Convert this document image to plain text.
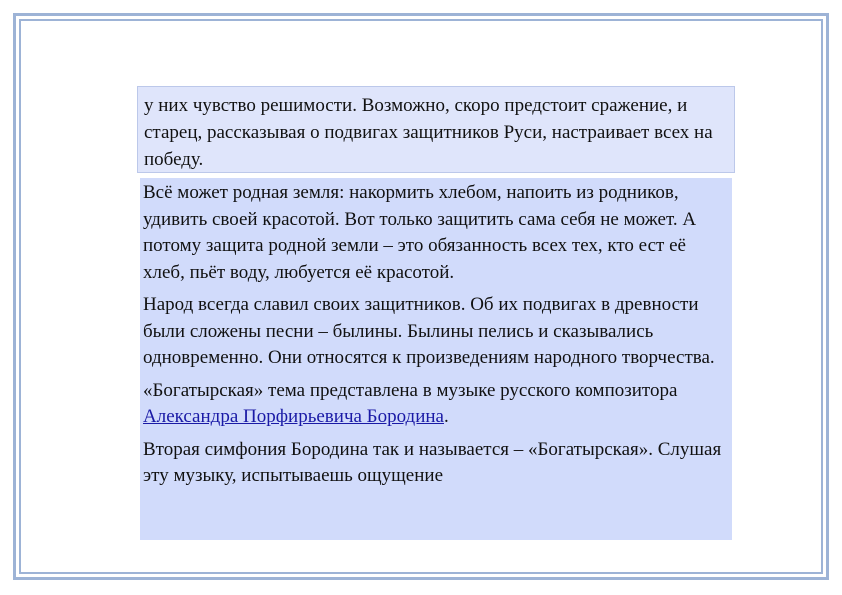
у них чувство решимости. Возможно, скоро предстоит сражение, и старец, рассказывая о подвигах защитников Руси, настраивает всех на победу.

Всё может родная земля: накормить хлебом, напоить из родников, удивить своей красотой. Вот только защитить сама себя не может. А потому защита родной земли – это обязанность всех тех, кто ест её хлеб, пьёт воду, любуется её красотой.

Народ всегда славил своих защитников. Об их подвигах в древности были сложены песни – былины. Былины пелись и сказывались одновременно. Они относятся к произведениям народного творчества.

«Богатырская» тема представлена в музыке русского композитора Александра Порфирьевича Бородина.

Вторая симфония Бородина так и называется – «Богатырская». Слушая эту музыку, испытываешь ощущение
